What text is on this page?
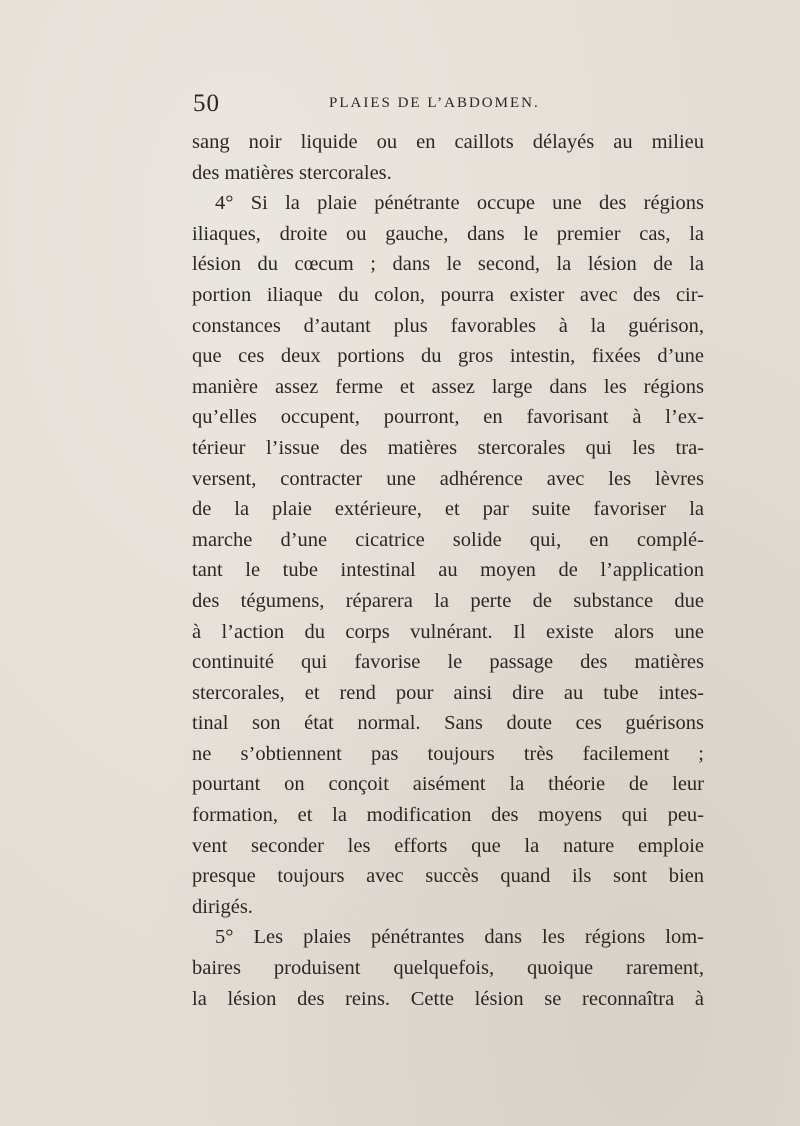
50	PLAIES DE L’ABDOMEN.
sang noir liquide ou en caillots délayés au milieu
des matières stercorales.
4° Si la plaie pénétrante occupe une des régions
iliaques, droite ou gauche, dans le premier cas, la
lésion du cœcum ; dans le second, la lésion de la
portion iliaque du colon, pourra exister avec des cir-
constances d’autant plus favorables à la guérison,
que ces deux portions du gros intestin, fixées d’une
manière assez ferme et assez large dans les régions
qu’elles occupent, pourront, en favorisant à l’ex-
térieur l’issue des matières stercorales qui les tra-
versent, contracter une adhérence avec les lèvres
de la plaie extérieure, et par suite favoriser la
marche d’une cicatrice solide qui, en complé-
tant le tube intestinal au moyen de l’application
des tégumens, réparera la perte de substance due
à l’action du corps vulnérant. Il existe alors une
continuité qui favorise le passage des matières
stercorales, et rend pour ainsi dire au tube intes-
tinal son état normal. Sans doute ces guérisons
ne s’obtiennent pas toujours très facilement ;
pourtant on conçoit aisément la théorie de leur
formation, et la modification des moyens qui peu-
vent seconder les efforts que la nature emploie
presque toujours avec succès quand ils sont bien
dirigés.
5° Les plaies pénétrantes dans les régions lom-
baires produisent quelquefois, quoique rarement,
la lésion des reins. Cette lésion se reconnaîtra à
